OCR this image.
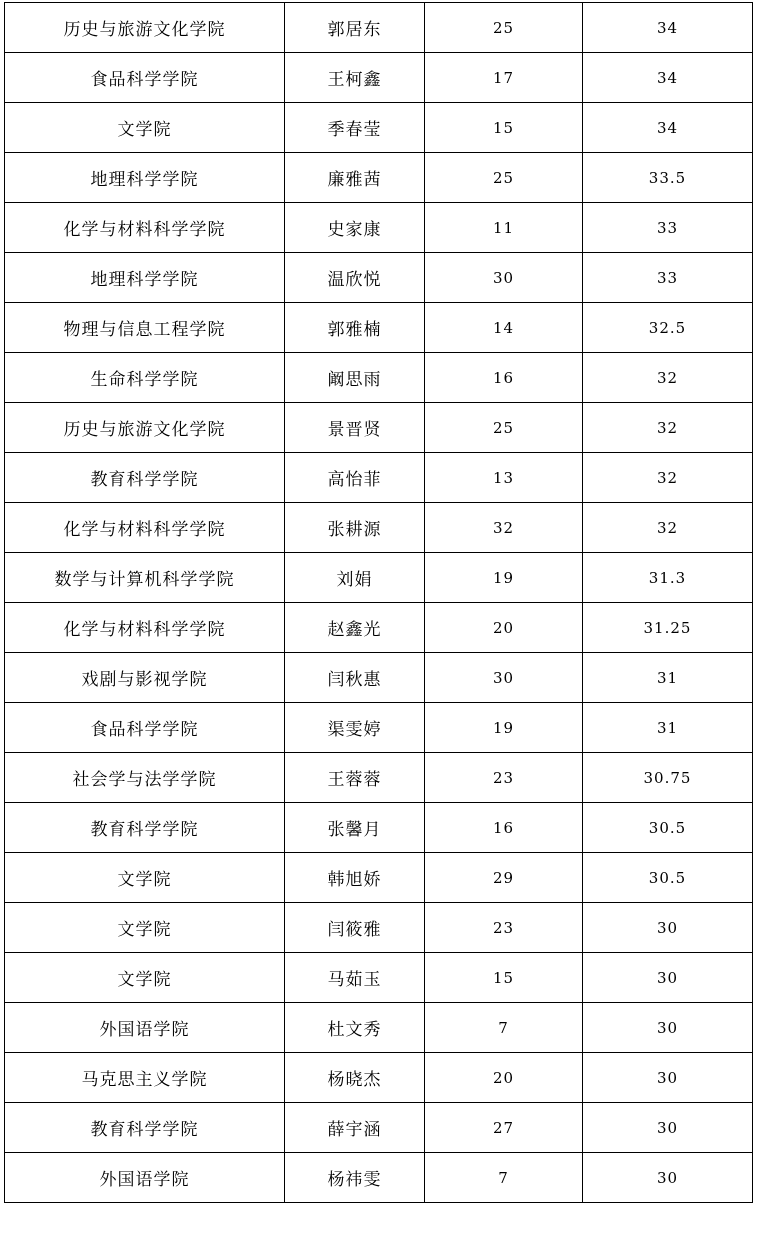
历史与旅游文化学院	郭居东	25	34
食品科学学院	王柯鑫	17	34
文学院	季春莹	15	34
地理科学学院	廉雅茜	25	33.5
化学与材料科学学院	史家康	11	33
地理科学学院	温欣悦	30	33
物理与信息工程学院	郭雅楠	14	32.5
生命科学学院	阚思雨	16	32
历史与旅游文化学院	景晋贤	25	32
教育科学学院	高怡菲	13	32
化学与材料科学学院	张耕源	32	32
数学与计算机科学学院	刘娟	19	31.3
化学与材料科学学院	赵鑫光	20	31.25
戏剧与影视学院	闫秋惠	30	31
食品科学学院	渠雯婷	19	31
社会学与法学学院	王蓉蓉	23	30.75
教育科学学院	张馨月	16	30.5
文学院	韩旭娇	29	30.5
文学院	闫筱雅	23	30
文学院	马茹玉	15	30
外国语学院	杜文秀	7	30
马克思主义学院	杨晓杰	20	30
教育科学学院	薛宇涵	27	30
外国语学院	杨祎雯	7	30
